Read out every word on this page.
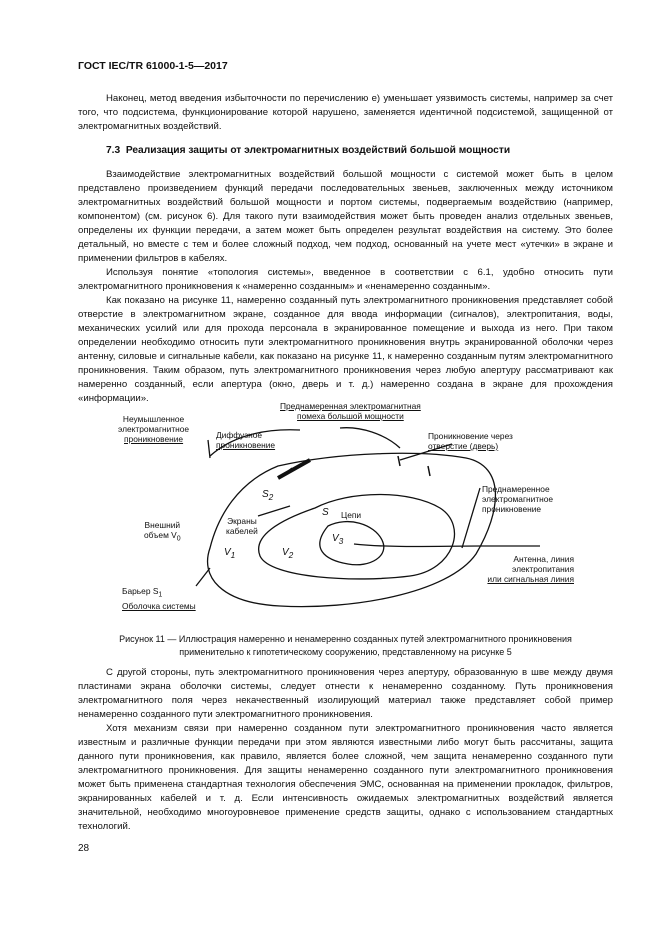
ГОСТ IEC/TR 61000-1-5—2017

Наконец, метод введения избыточности по перечислению е) уменьшает уязвимость системы, например за счет того, что подсистема, функционирование которой нарушено, заменяется идентичной подсистемой, защищенной от электромагнитных воздействий.

7.3 Реализация защиты от электромагнитных воздействий большой мощности

Взаимодействие электромагнитных воздействий большой мощности с системой может быть в целом представлено произведением функций передачи последовательных звеньев, заключенных между источником электромагнитных воздействий большой мощности и портом системы, подвергаемым воздействию (например, компонентом) (см. рисунок 6). Для такого пути взаимодействия может быть проведен анализ отдельных звеньев, определены их функции передачи, а затем может быть определен результат воздействия на систему. Это более детальный, но вместе с тем и более сложный подход, чем подход, основанный на учете мест «утечки» в экране и применении фильтров в кабелях.

Используя понятие «топология системы», введенное в соответствии с 6.1, удобно относить пути электромагнитного проникновения к «намеренно созданным» и «ненамеренно созданным».

Как показано на рисунке 11, намеренно созданный путь электромагнитного проникновения представляет собой отверстие в электромагнитном экране, созданное для ввода информации (сигналов), электропитания, воды, механических усилий или для прохода персонала в экранированное помещение и выхода из него. При таком определении необходимо относить пути электромагнитного проникновения внутрь экранированной оболочки через антенну, силовые и сигнальные кабели, как показано на рисунке 11, к намеренно созданным путям электромагнитного проникновения. Таким образом, путь электромагнитного проникновения через любую апертуру рассматривают как намеренно созданный, если апертура (окно, дверь и т. д.) намеренно создана в экране для прохождения «информации».

Преднамеренная электромагнитная
помеха большой мощности
Неумышленное
электромагнитное
проникновение	Диффузное
проникновение
Проникновение через
отверстие (дверь)
Преднамеренное
электромагнитное
проникновение
Антенна, линия
электропитания
или сигнальная линия
Внешний
объем $V_0$
Экраны
кабелей
Барьер $S_1$
Оболочка системы
$V_1$	$V_2$
$V_3$
$S_2$
S Цепи
Рисунок 11 — Иллюстрация намеренно и ненамеренно созданных путей электромагнитного проникновения
применительно к гипотетическому сооружению, представленному на рисунке 5

С другой стороны, путь электромагнитного проникновения через апертуру, образованную в шве между двумя пластинами экрана оболочки системы, следует отнести к ненамеренно созданному. Путь проникновения электромагнитного поля через некачественный изолирующий материал также представляет собой пример ненамеренно созданного пути электромагнитного проникновения.

Хотя механизм связи при намеренно созданном пути электромагнитного проникновения часто является известным и различные функции передачи при этом являются известными либо могут быть рассчитаны, защита данного пути проникновения, как правило, является более сложной, чем защита ненамеренно созданного пути электромагнитного проникновения. Для защиты ненамеренно созданного пути электромагнитного проникновения может быть применена стандартная технология обеспечения ЭМС, основанная на применении прокладок, фильтров, экранированных кабелей и т. д. Если интенсивность ожидаемых электромагнитных воздействий является значительной, необходимо многоуровневое применение средств защиты, однако с использованием стандартных технологий.

28
